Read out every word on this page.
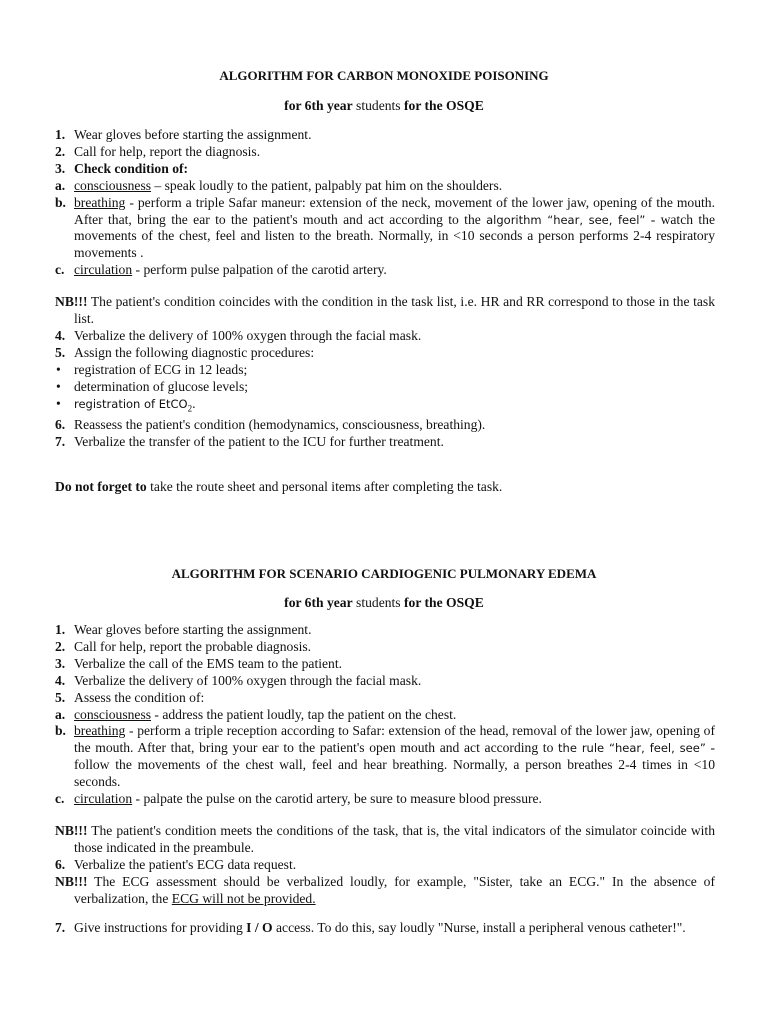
ALGORITHM FOR CARBON MONOXIDE POISONING

for 6th year students for the OSQE

1. Wear gloves before starting the assignment.
2. Call for help, report the diagnosis.
3. Check condition of:
a. consciousness – speak loudly to the patient, palpably pat him on the shoulders.
b. breathing - perform a triple Safar maneur: extension of the neck, movement of the lower jaw, opening of the mouth. After that, bring the ear to the patient's mouth and act according to the algorithm “hear, see, feel” - watch the movements of the chest, feel and listen to the breath. Normally, in <10 seconds a person performs 2-4 respiratory movements .
c. circulation - perform pulse palpation of the carotid artery.
NB!!! The patient's condition coincides with the condition in the task list, i.e. HR and RR correspond to those in the task list.
4. Verbalize the delivery of 100% oxygen through the facial mask.
5. Assign the following diagnostic procedures:
• registration of ECG in 12 leads;
• determination of glucose levels;
• registration of EtCO$_2$.
6. Reassess the patient's condition (hemodynamics, consciousness, breathing).
7. Verbalize the transfer of the patient to the ICU for further treatment.
Do not forget to take the route sheet and personal items after completing the task.

ALGORITHM FOR SCENARIO CARDIOGENIC PULMONARY EDEMA

for 6th year students for the OSQE

1. Wear gloves before starting the assignment.
2. Call for help, report the probable diagnosis.
3. Verbalize the call of the EMS team to the patient.
4. Verbalize the delivery of 100% oxygen through the facial mask.
5. Assess the condition of:
a. consciousness - address the patient loudly, tap the patient on the chest.
b. breathing - perform a triple reception according to Safar: extension of the head, removal of the lower jaw, opening of the mouth. After that, bring your ear to the patient's open mouth and act according to the rule “hear, feel, see” - follow the movements of the chest wall, feel and hear breathing. Normally, a person breathes 2-4 times in <10 seconds.
c. circulation - palpate the pulse on the carotid artery, be sure to measure blood pressure.
NB!!! The patient's condition meets the conditions of the task, that is, the vital indicators of the simulator coincide with those indicated in the preambule.
6. Verbalize the patient's ECG data request.
NB!!! The ECG assessment should be verbalized loudly, for example, "Sister, take an ECG." In the absence of verbalization, the ECG will not be provided.
7. Give instructions for providing I / O access. To do this, say loudly "Nurse, install a peripheral venous catheter!".
